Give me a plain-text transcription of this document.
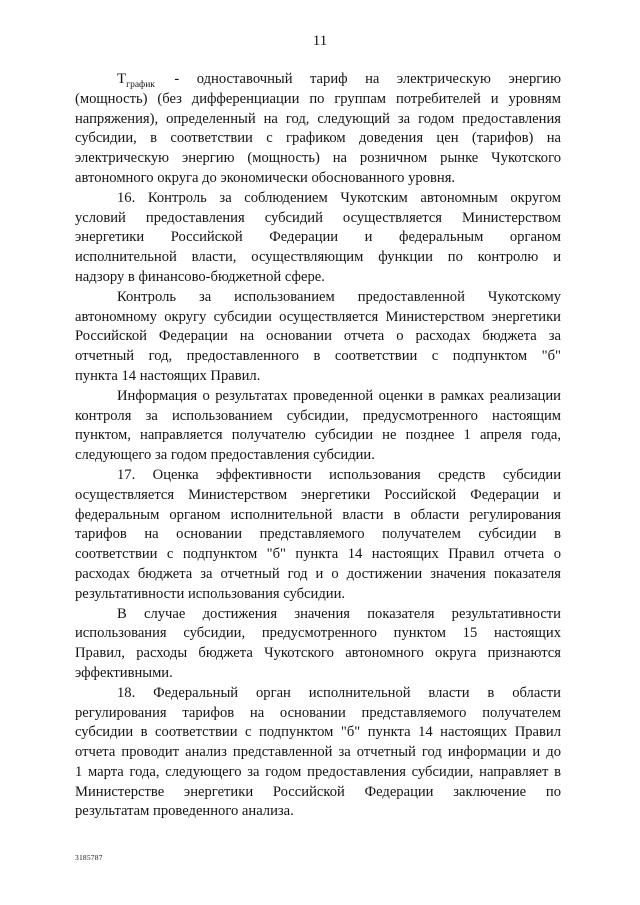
11
$Т_{график}$ - одноставочный тариф на электрическую энергию
(мощность) (без дифференциации по группам потребителей и уровням
напряжения), определенный на год, следующий за годом предоставления
субсидии, в соответствии с графиком доведения цен (тарифов) на
электрическую энергию (мощность) на розничном рынке Чукотского
автономного округа до экономически обоснованного уровня.
16. Контроль за соблюдением Чукотским автономным округом
условий предоставления субсидий осуществляется Министерством
энергетики Российской Федерации и федеральным органом
исполнительной власти, осуществляющим функции по контролю и
надзору в финансово-бюджетной сфере.
Контроль за использованием предоставленной Чукотскому
автономному округу субсидии осуществляется Министерством энергетики
Российской Федерации на основании отчета о расходах бюджета за
отчетный год, предоставленного в соответствии с подпунктом "б"
пункта 14 настоящих Правил.
Информация о результатах проведенной оценки в рамках реализации
контроля за использованием субсидии, предусмотренного настоящим
пунктом, направляется получателю субсидии не позднее 1 апреля года,
следующего за годом предоставления субсидии.
17. Оценка эффективности использования средств субсидии
осуществляется Министерством энергетики Российской Федерации и
федеральным органом исполнительной власти в области регулирования
тарифов на основании представляемого получателем субсидии в
соответствии с подпунктом "б" пункта 14 настоящих Правил отчета о
расходах бюджета за отчетный год и о достижении значения показателя
результативности использования субсидии.
В случае достижения значения показателя результативности
использования субсидии, предусмотренного пунктом 15 настоящих
Правил, расходы бюджета Чукотского автономного округа признаются
эффективными.
18. Федеральный орган исполнительной власти в области
регулирования тарифов на основании представляемого получателем
субсидии в соответствии с подпунктом "б" пункта 14 настоящих Правил
отчета проводит анализ представленной за отчетный год информации и до
1 марта года, следующего за годом предоставления субсидии, направляет в
Министерстве энергетики Российской Федерации заключение по
результатам проведенного анализа.
3185787
